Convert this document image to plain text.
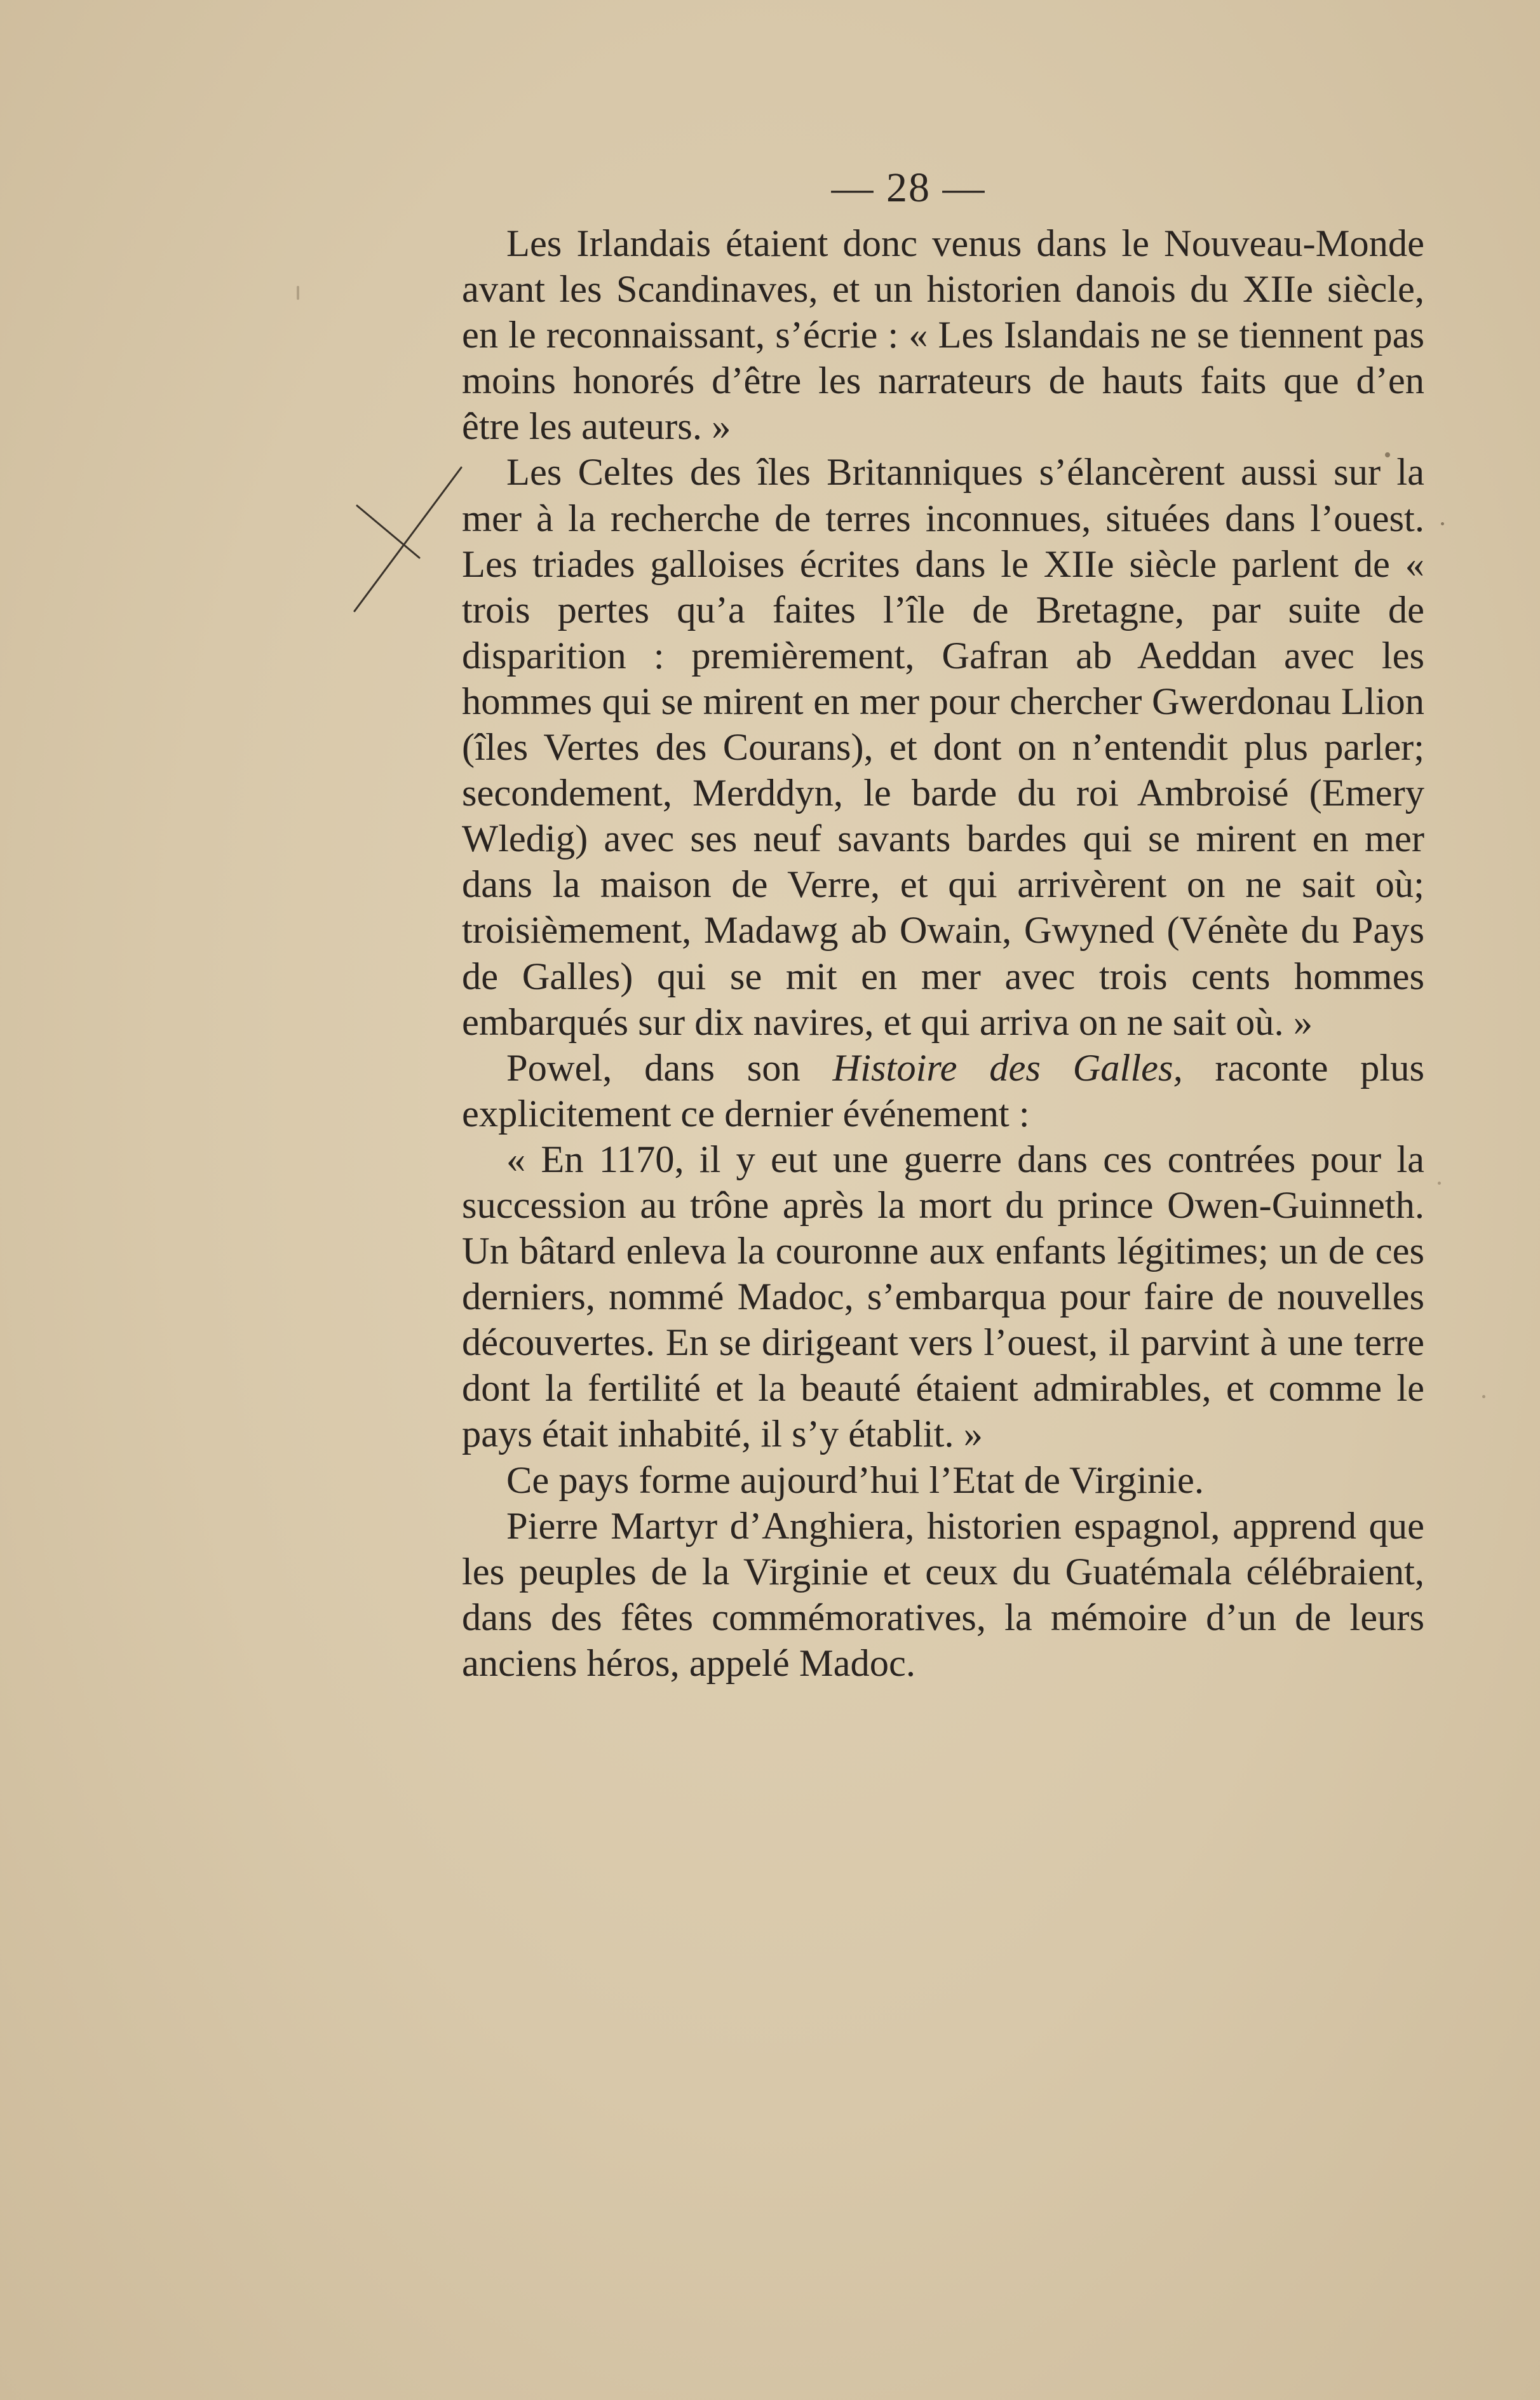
— 28 —

Les Irlandais étaient donc venus dans le Nouveau-Monde avant les Scandinaves, et un historien danois du XIIe siècle, en le reconnaissant, s’écrie : « Les Islandais ne se tiennent pas moins honorés d’être les narrateurs de hauts faits que d’en être les auteurs. »

Les Celtes des îles Britanniques s’élancèrent aussi sur la mer à la recherche de terres inconnues, situées dans l’ouest. Les triades galloises écrites dans le XIIe siècle parlent de « trois pertes qu’a faites l’île de Bretagne, par suite de disparition : premièrement, Gafran ab Aeddan avec les hommes qui se mirent en mer pour chercher Gwerdonau Llion (îles Vertes des Courans), et dont on n’entendit plus parler; secondement, Merddyn, le barde du roi Ambroisé (Emery Wledig) avec ses neuf savants bardes qui se mirent en mer dans la maison de Verre, et qui arrivèrent on ne sait où; troisièmement, Madawg ab Owain, Gwyned (Vénète du Pays de Galles) qui se mit en mer avec trois cents hommes embarqués sur dix navires, et qui arriva on ne sait où. »

Powel, dans son Histoire des Galles, raconte plus explicitement ce dernier événement :

« En 1170, il y eut une guerre dans ces contrées pour la succession au trône après la mort du prince Owen-Guinneth. Un bâtard enleva la couronne aux enfants légitimes; un de ces derniers, nommé Madoc, s’embarqua pour faire de nouvelles découvertes. En se dirigeant vers l’ouest, il parvint à une terre dont la fertilité et la beauté étaient admirables, et comme le pays était inhabité, il s’y établit. »

Ce pays forme aujourd’hui l’Etat de Virginie.

Pierre Martyr d’Anghiera, historien espagnol, apprend que les peuples de la Virginie et ceux du Guatémala célébraient, dans des fêtes commémoratives, la mémoire d’un de leurs anciens héros, appelé Madoc.
